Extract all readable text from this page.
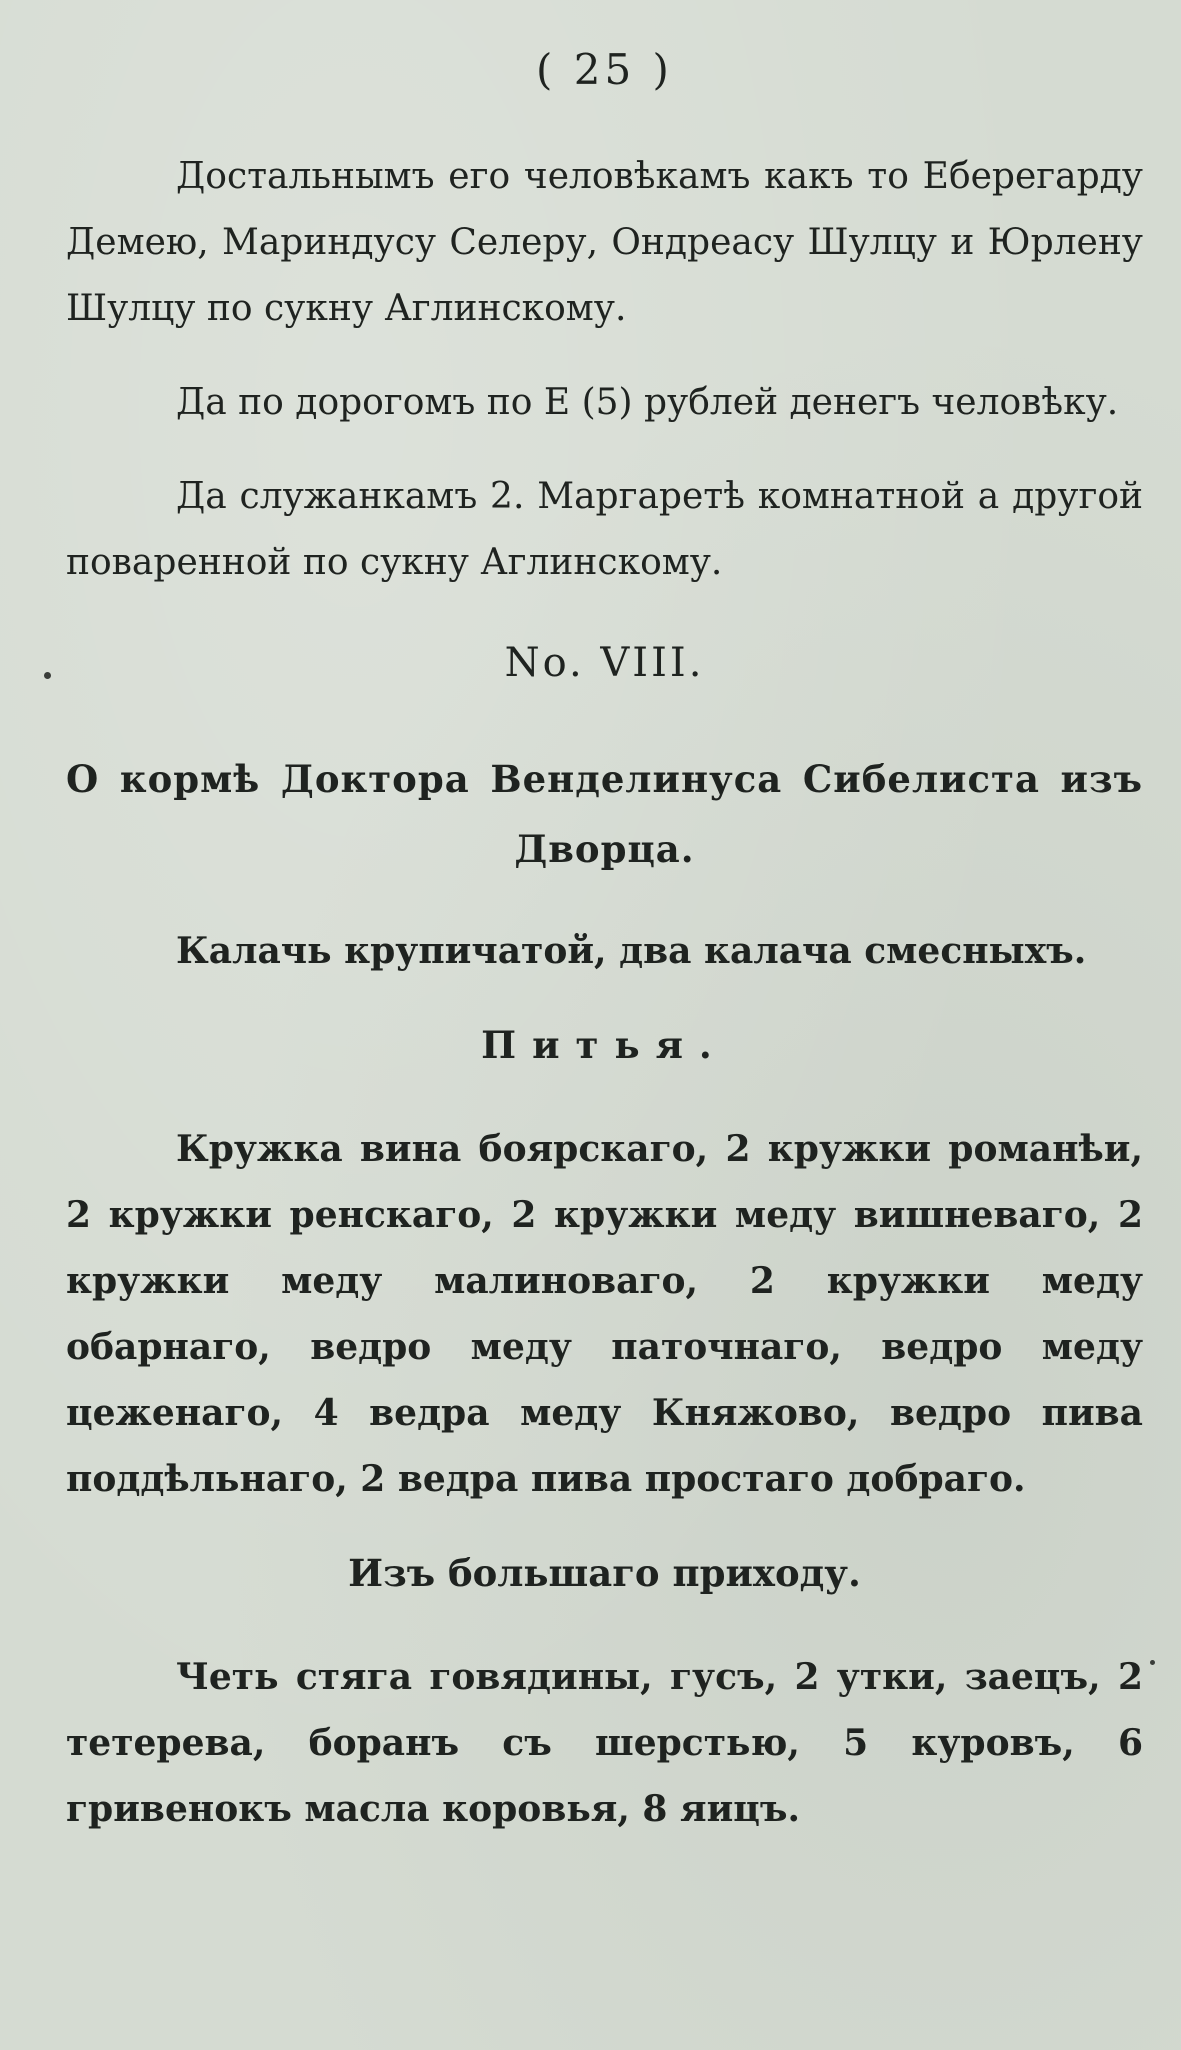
( 25 )

Достальнымъ его человѣкамъ какъ то Еберeгарду Демею, Мариндусу Селеру, Ондреасу Шулцу и Юрлену Шулцу по сукну Аглинскому.

Да по дорогомъ по Е (5) рублей денегъ человѣку.

Да служанкамъ 2. Маргаретѣ комнатной а другой поваренной по сукну Аглинскому.

No. VIII.

О кормѣ Доктора Венделинуса Сибелиста изъ Дворца.

Калачь крупичатой, два калача смесныхъ.

Питья.

Кружка вина боярскаго, 2 кружки романѣи, 2 кружки ренскаго, 2 кружки меду вишневаго, 2 кружки меду малиноваго, 2 кружки меду обарнаго, ведро меду паточнаго, ведро меду цеженаго, 4 ведра меду Княжово, ведро пива поддѣльнаго, 2 ведра пива простаго добраго.

Изъ большаго приходу.

Четь стяга говядины, гусъ, 2 утки, заецъ, 2 тетерева, боранъ съ шерстью, 5 куровъ, 6 гривенокъ масла коровья, 8 яицъ.
